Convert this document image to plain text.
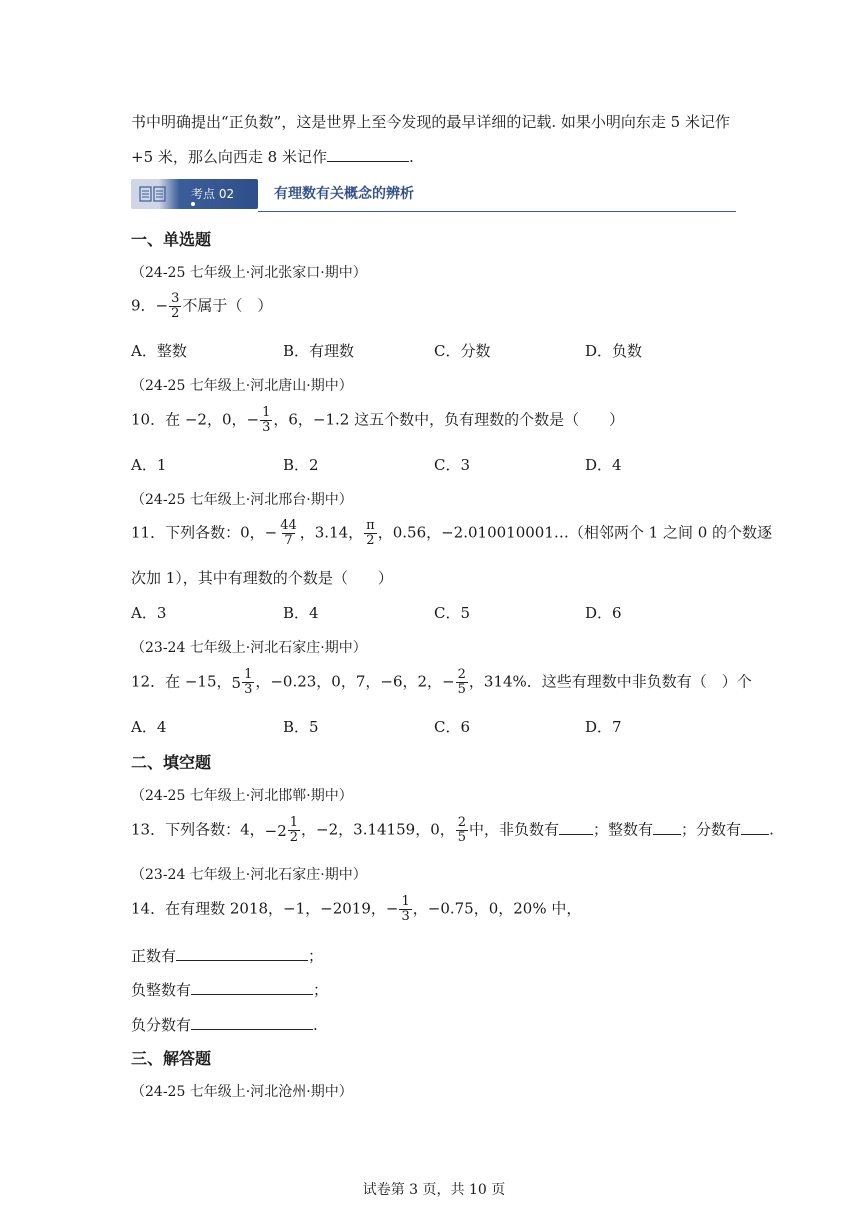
书中明确提出“正负数”，这是世界上至今发现的最早详细的记载. 如果小明向东走 5 米记作
+5 米，那么向西走 8 米记作	.
考点 02	有理数有关概念的辨析
一、单选题
（24-25 七年级上·河北张家口·期中）
9．− $\frac{3}{2}$ 不属于（　）
A．整数	B．有理数	C．分数	D．负数
（24-25 七年级上·河北唐山·期中）
10．在 −2，0，− $\frac{1}{3}$ ，6，−1.2 这五个数中，负有理数的个数是（　　）
A．1	B．2	C．3	D．4
（24-25 七年级上·河北邢台·期中）
11．下列各数：0，− $\frac{44}{7}$ ，3.14， $\frac{\pi}{2}$ ，0.56，−2.010010001…（相邻两个 1 之间 0 的个数逐
次加 1），其中有理数的个数是（　　）
A．3	B．4	C．5	D．6
（23-24 七年级上·河北石家庄·期中）
12．在 −15， $5 \frac{1}{3}$ ，−0.23，0，7，−6，2，− $\frac{2}{5}$ ，314%．这些有理数中非负数有（　）个
A．4	B．5	C．6	D．7
二、填空题
（24-25 七年级上·河北邯郸·期中）
13．下列各数：4， $-2 \frac{1}{2}$ ，−2，3.14159，0， $\frac{2}{5}$ 中，非负数有 ；整数有 ；分数有 .
（23-24 七年级上·河北石家庄·期中）
14．在有理数 2018，−1，−2019，− $\frac{1}{3}$ ，−0.75，0，20% 中，
正数有	；
负整数有	；
负分数有	.
三、解答题
（24-25 七年级上·河北沧州·期中）
试卷第 3 页，共 10 页
